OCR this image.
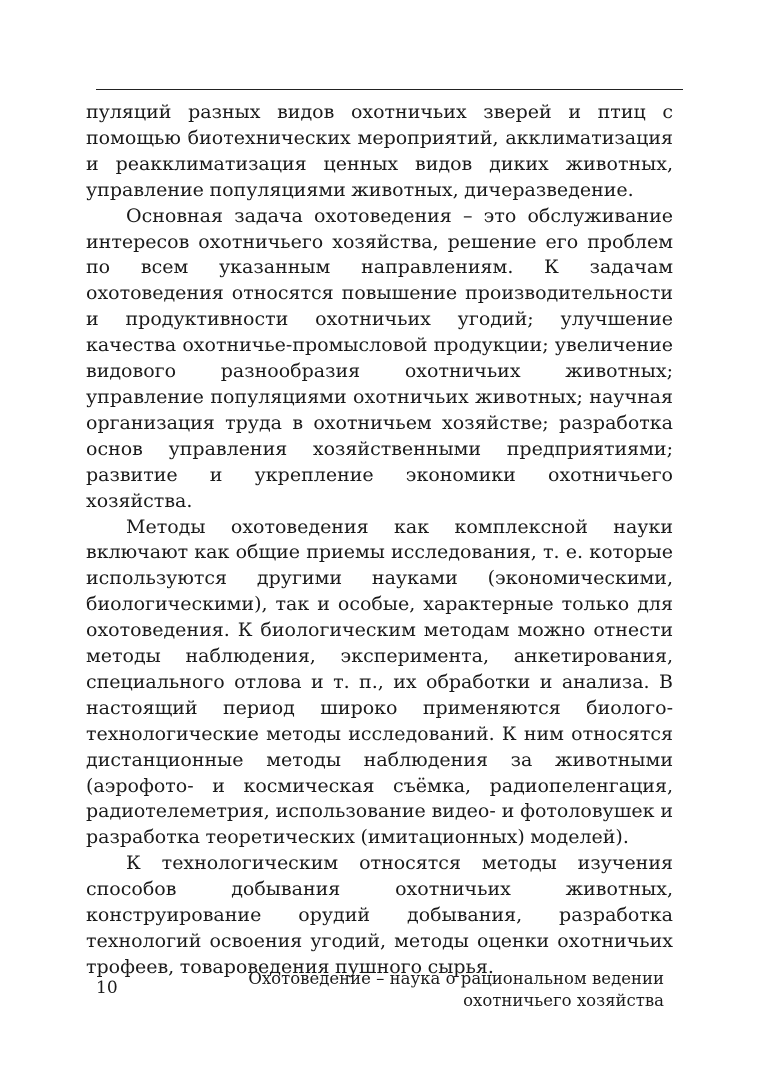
пуляций разных видов охотничьих зверей и птиц с помощью биотехнических мероприятий, акклиматизация и реакклиматизация ценных видов диких животных, управление популяциями животных, дичеразведение.

Основная задача охотоведения – это обслуживание интересов охотничьего хозяйства, решение его проблем по всем указанным направлениям. К задачам охотоведения относятся повышение производительности и продуктивности охотничьих угодий; улучшение качества охотничье-промысловой продукции; увеличение видового разнообразия охотничьих животных; управление популяциями охотничьих животных; научная организация труда в охотничьем хозяйстве; разработка основ управления хозяйственными предприятиями; развитие и укрепление экономики охотничьего хозяйства.

Методы охотоведения как комплексной науки включают как общие приемы исследования, т. е. которые используются другими науками (экономическими, биологическими), так и особые, характерные только для охотоведения. К биологическим методам можно отнести методы наблюдения, эксперимента, анкетирования, специального отлова и т. п., их обработки и анализа. В настоящий период широко применяются биолого-технологические методы исследований. К ним относятся дистанционные методы наблюдения за животными (аэрофото- и космическая съёмка, радиопеленгация, радиотелеметрия, использование видео- и фотоловушек и разработка теоретических (имитационных) моделей).

К технологическим относятся методы изучения способов добывания охотничьих животных, конструирование орудий добывания, разработка технологий освоения угодий, методы оценки охотничьих трофеев, товароведения пушного сырья.

10	Охотоведение – наука о рациональном ведении
охотничьего хозяйства
